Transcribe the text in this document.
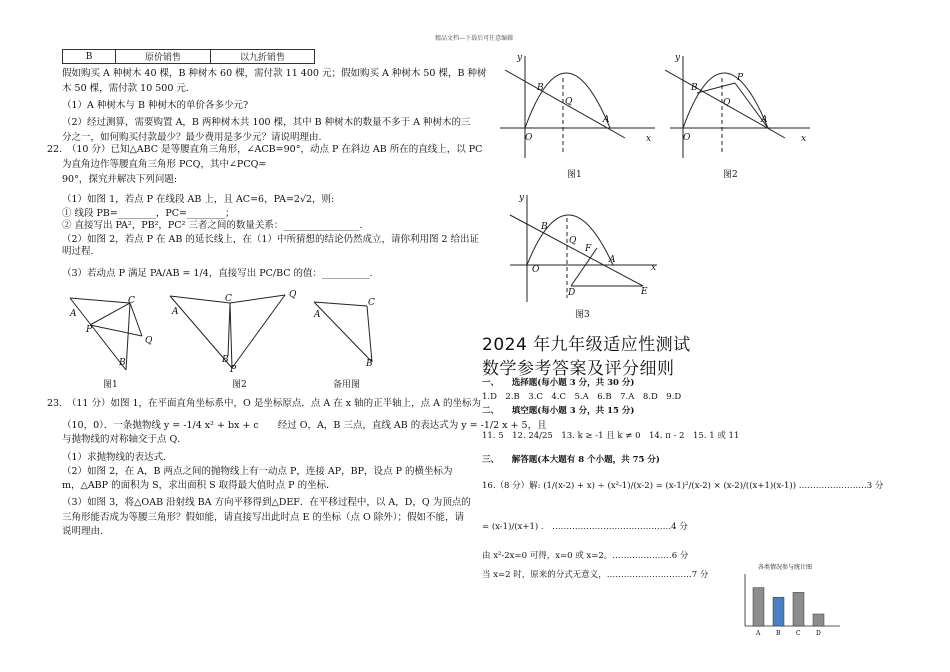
精品文档---下载后可任意编辑
B	原价销售	以九折销售
假如购买 A 种树木 40 棵，B 种树木 60 棵，需付款 11 400 元；假如购买 A 种树木 50 棵，B 种树
木 50 棵，需付款 10 500 元.
（1）A 种树木与 B 种树木的单价各多少元?
（2）经过测算，需要购置 A，B 两种树木共 100 棵，其中 B 种树木的数量不多于 A 种树木的三
分之一，如何购买付款最少？最少费用是多少元？请说明理由.
22.　（10 分）已知△ABC 是等腰直角三角形，∠ACB=90°，动点 P 在斜边 AB 所在的直线上，以 PC
为直角边作等腰直角三角形 PCQ，其中∠PCQ=
90°，探究并解决下列问题:
（1）如图 1，若点 P 在线段 AB 上，且 AC=6，PA=2√2，则:
① 线段 PB=________，PC=________；
② 直接写出 PA²，PB²，PC² 三者之间的数量关系：________________.
（2）如图 2，若点 P 在 AB 的延长线上，在（1）中所猜想的结论仍然成立，请你利用图 2 给出证
明过程.
（3）若动点 P 满足 PA/AB = 1/4，直接写出 PC/BC 的值：__________.
A
C
P
Q
B
A
C	Q
B
P
A
C
B
图1	图2	备用图
23.　（11 分）如图 1，在平面直角坐标系中，O 是坐标原点．点 A 在 x 轴的正半轴上，点 A 的坐标为
（10，0）．一条抛物线 y = -1/4 x² + bx + c　　经过 O，A，B 三点，直线 AB 的表达式为 y = -1/2 x + 5，且
与抛物线的对称轴交于点 Q．
（1）求抛物线的表达式．
（2）如图 2，在 A，B 两点之间的抛物线上有一动点 P，连接 AP，BP，设点 P 的横坐标为
m，△ABP 的面积为 S，求出面积 S 取得最大值时点 P 的坐标．
（3）如图 3，将△OAB 沿射线 BA 方向平移得到△DEF．在平移过程中，以 A，D，Q 为顶点的
三角形能否成为等腰三角形？假如能，请直接写出此时点 E 的坐标（点 O 除外）；假如不能，请
说明理由.
y
x
O
B
Q
A
y
x
O
B
P
Q
A
图1	图2
y
x
O
B
Q
F
A
D	E
图3
2024 年九年级适应性测试
数学参考答案及评分细则
一、　　选择题(每小题 3 分，共 30 分)
1.D　2.B　3.C　4.C　5.A　6.B　7.A　8.D　9.D
二、　　填空题(每小题 3 分，共 15 分)
11. 5　12. 24/25　13. k ≥ -1 且 k ≠ 0　14. π - 2　15. 1 或 11
三、　　解答题(本大题有 8 个小题，共 75 分)
16.（8 分）解: (1/(x-2) + x) ÷ (x²-1)/(x-2) = (x-1)²/(x-2) × (x-2)/((x+1)(x-1)) ……………………3 分
= (x-1)/(x+1) .　……………………………………4 分
由 x²-2x=0 可得，x=0 或 x=2。…………………6 分
当 x=2 时，原来的分式无意义，…………………………7 分
各类情况参与统计图
A	B	C	D
